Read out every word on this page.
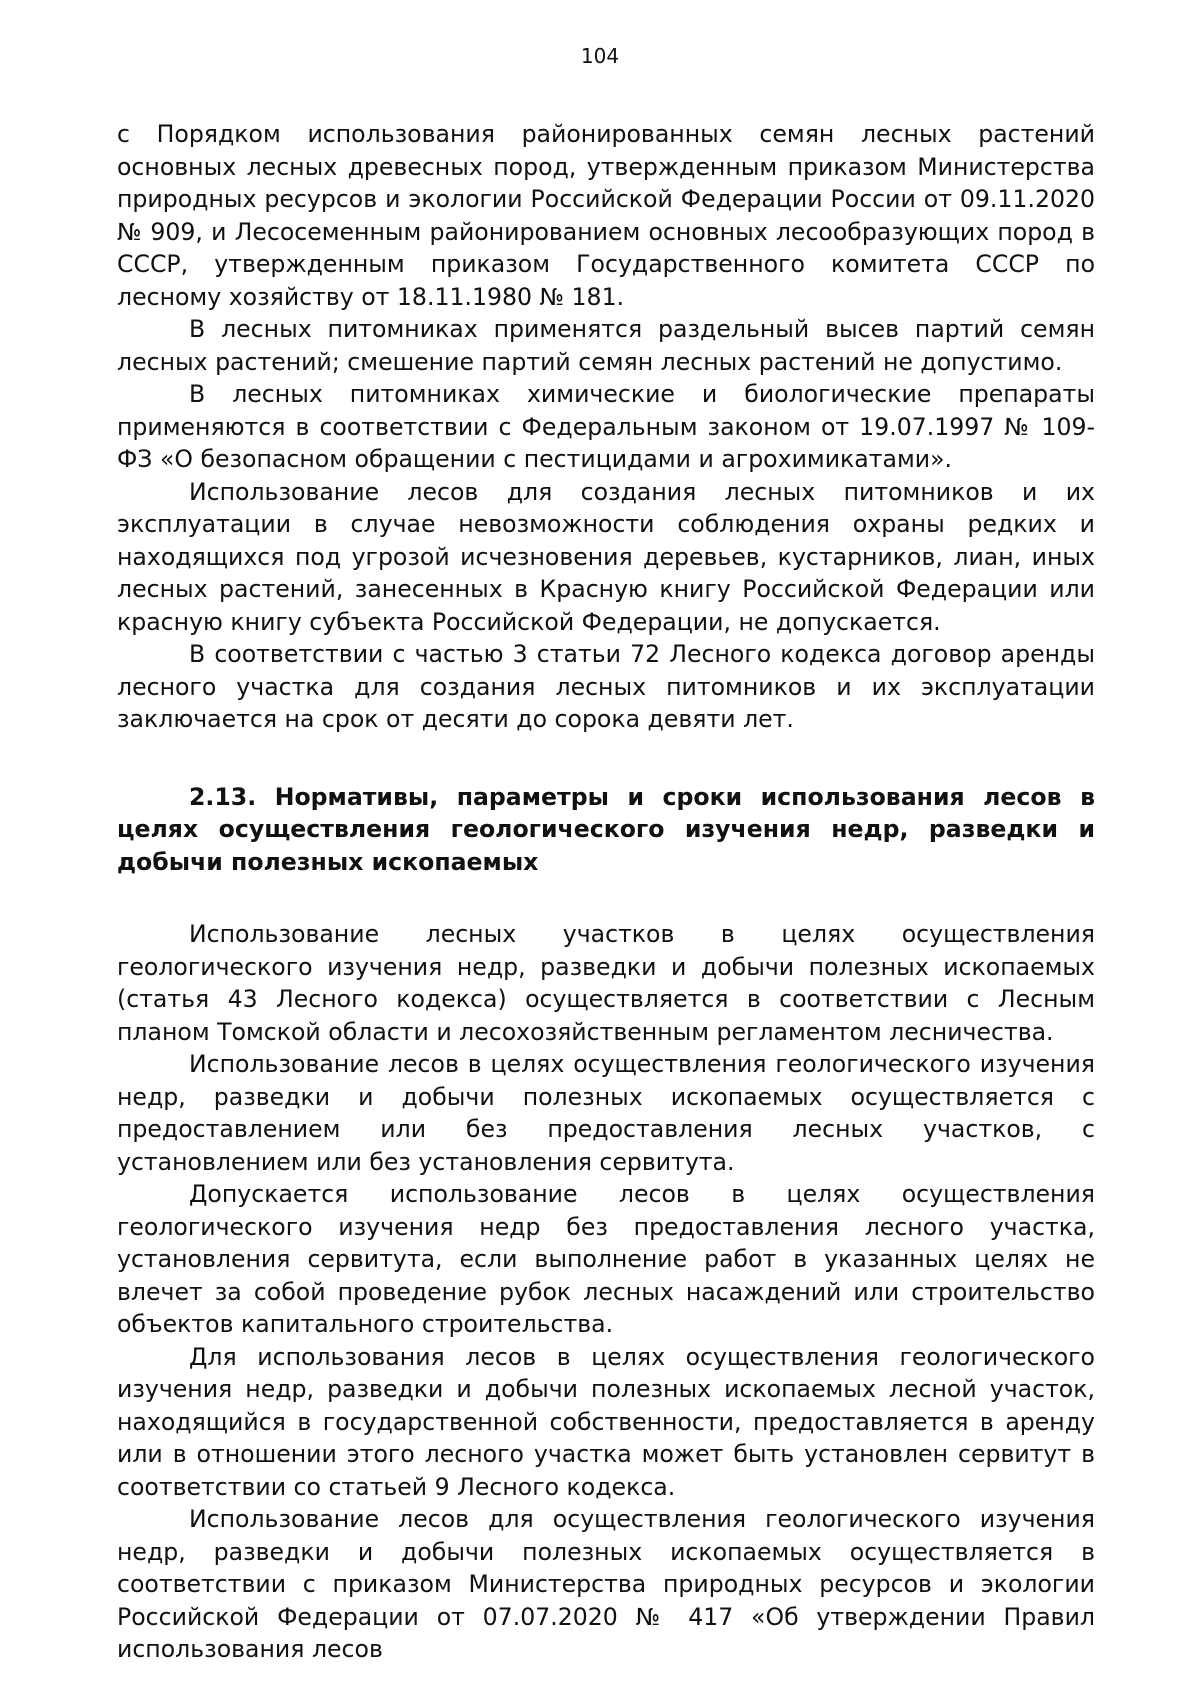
104

с Порядком использования районированных семян лесных растений основных лесных древесных пород, утвержденным приказом Министерства природных ресурсов и экологии Российской Федерации России от 09.11.2020 № 909, и Лесосеменным районированием основных лесообразующих пород в СССР, утвержденным приказом Государственного комитета СССР по лесному хозяйству от 18.11.1980 № 181.

В лесных питомниках применятся раздельный высев партий семян лесных растений; смешение партий семян лесных растений не допустимо.

В лесных питомниках химические и биологические препараты применяются в соответствии с Федеральным законом от 19.07.1997 № 109-ФЗ «О безопасном обращении с пестицидами и агрохимикатами».

Использование лесов для создания лесных питомников и их эксплуатации в случае невозможности соблюдения охраны редких и находящихся под угрозой исчезновения деревьев, кустарников, лиан, иных лесных растений, занесенных в Красную книгу Российской Федерации или красную книгу субъекта Российской Федерации, не допускается.

В соответствии с частью 3 статьи 72 Лесного кодекса договор аренды лесного участка для создания лесных питомников и их эксплуатации заключается на срок от десяти до сорока девяти лет.

2.13. Нормативы, параметры и сроки использования лесов в целях осуществления геологического изучения недр, разведки и добычи полезных ископаемых

Использование лесных участков в целях осуществления геологического изучения недр, разведки и добычи полезных ископаемых (статья 43 Лесного кодекса) осуществляется в соответствии с Лесным планом Томской области и лесохозяйственным регламентом лесничества.

Использование лесов в целях осуществления геологического изучения недр, разведки и добычи полезных ископаемых осуществляется с предоставлением или без предоставления лесных участков, с установлением или без установления сервитута.

Допускается использование лесов в целях осуществления геологического изучения недр без предоставления лесного участка, установления сервитута, если выполнение работ в указанных целях не влечет за собой проведение рубок лесных насаждений или строительство объектов капитального строительства.

Для использования лесов в целях осуществления геологического изучения недр, разведки и добычи полезных ископаемых лесной участок, находящийся в государственной собственности, предоставляется в аренду или в отношении этого лесного участка может быть установлен сервитут в соответствии со статьей 9 Лесного кодекса.

Использование лесов для осуществления геологического изучения недр, разведки и добычи полезных ископаемых осуществляется в соответствии с приказом Министерства природных ресурсов и экологии Российской Федерации от 07.07.2020 № 417 «Об утверждении Правил использования лесов
